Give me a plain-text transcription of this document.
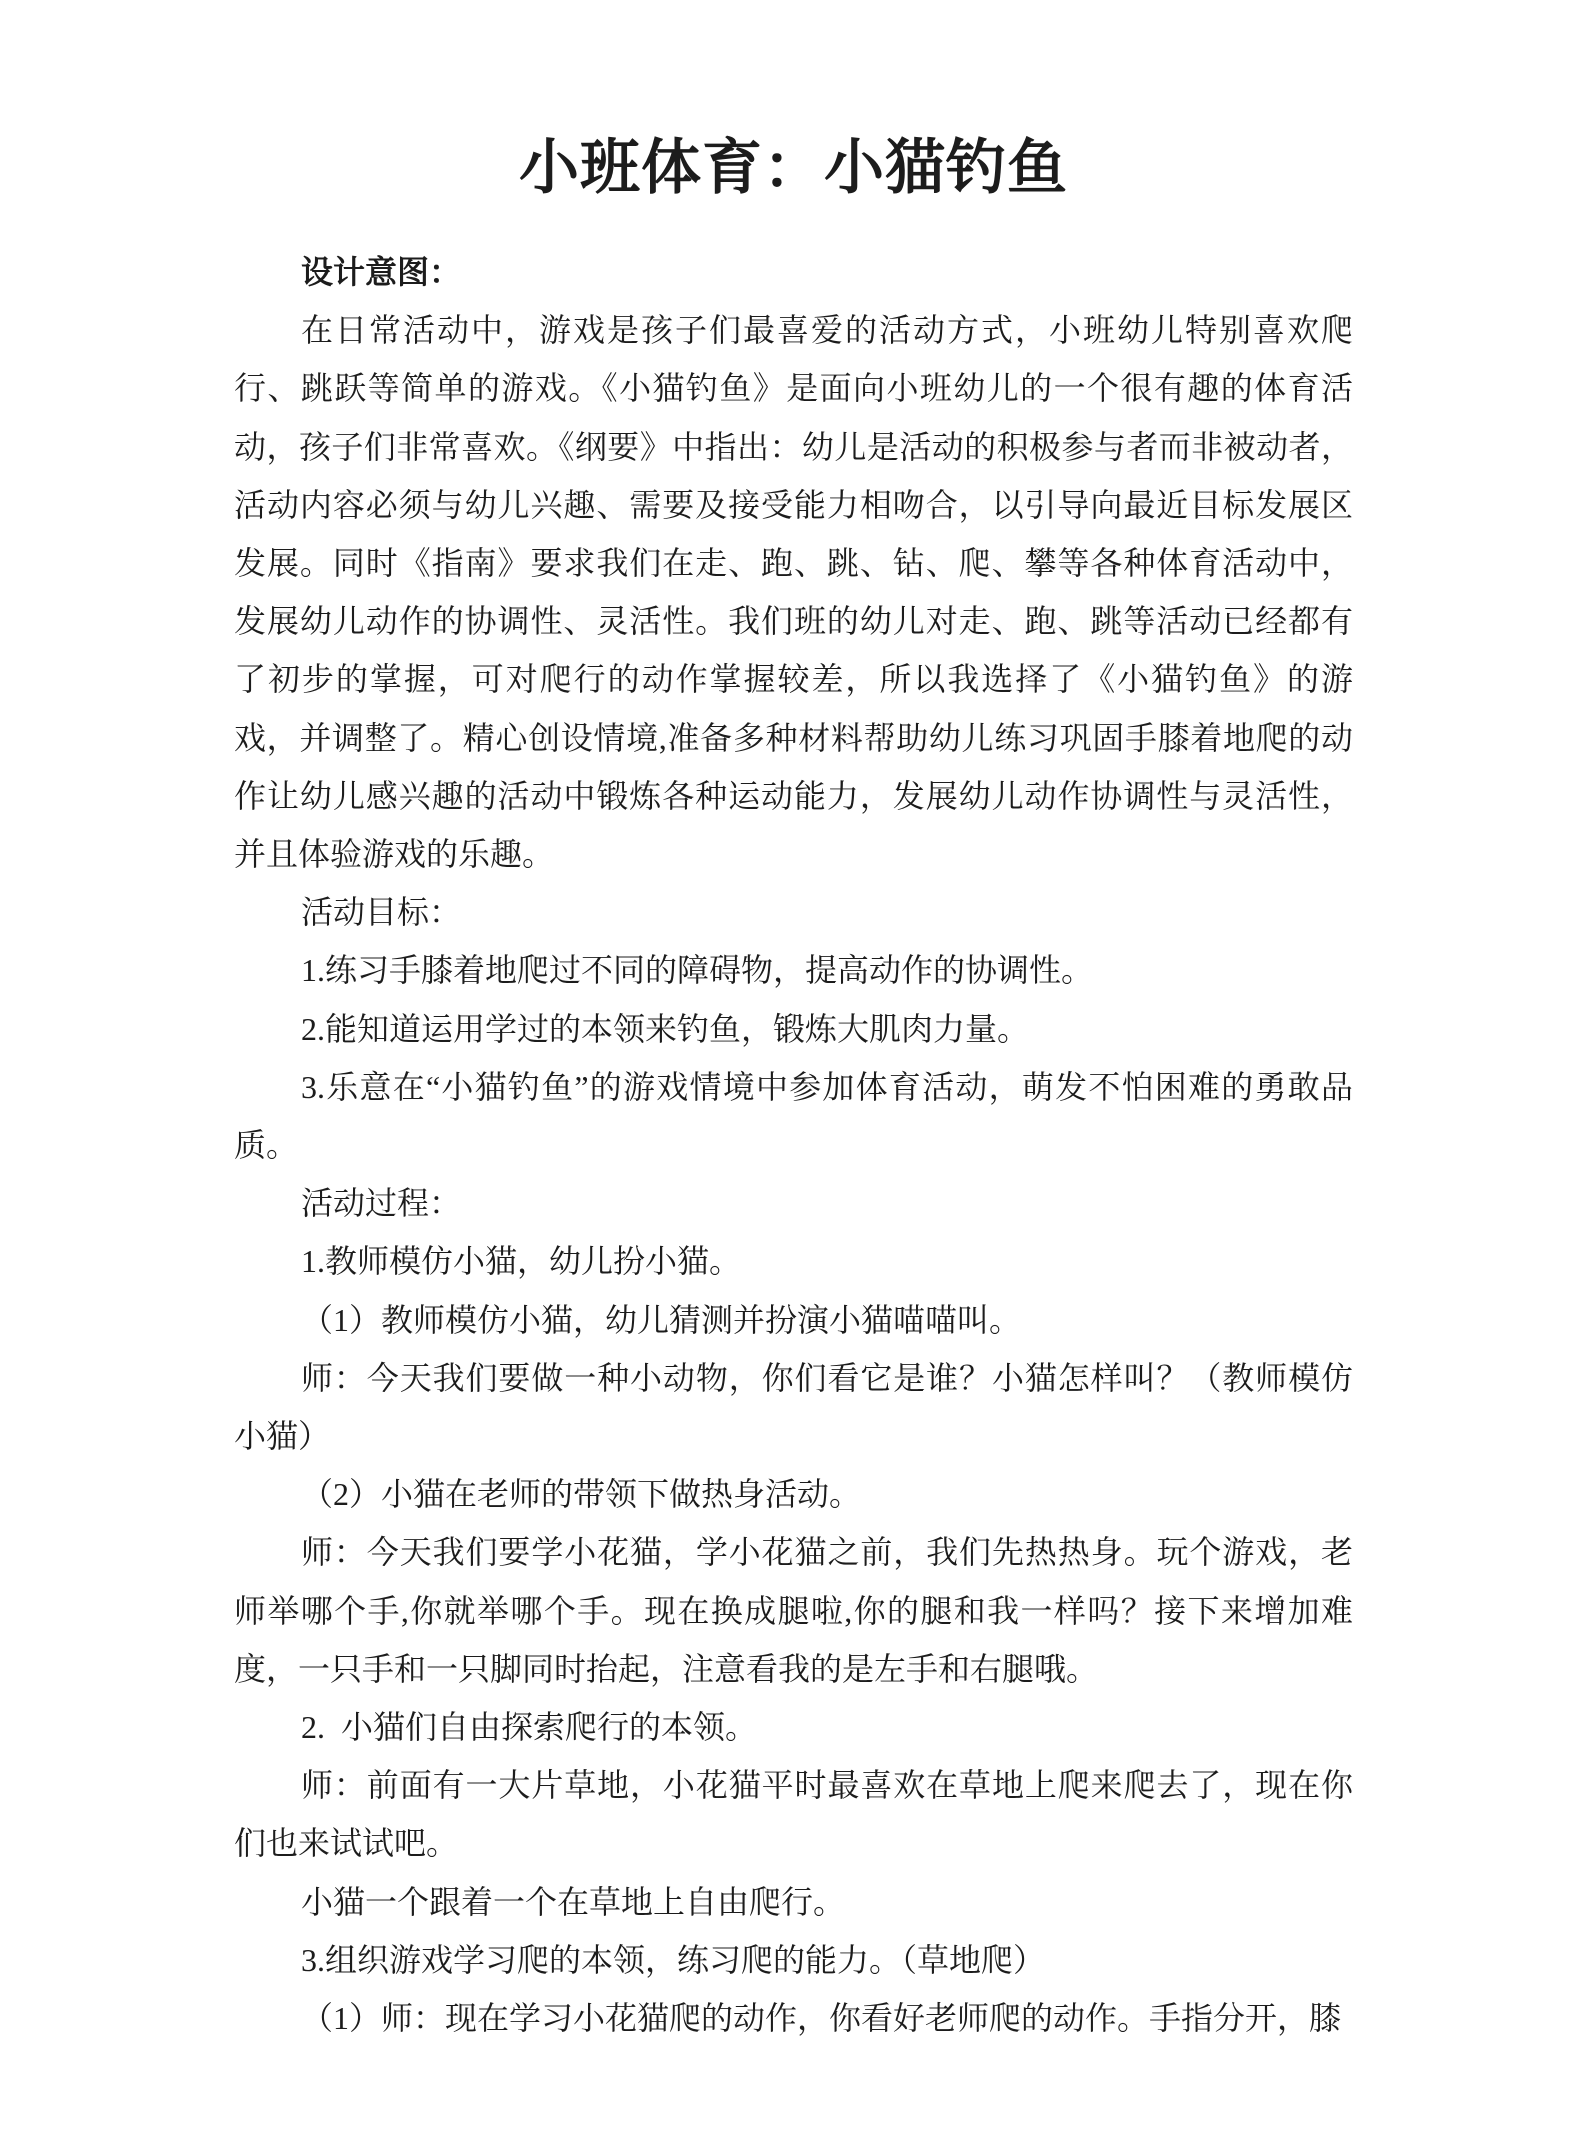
小班体育：小猫钓鱼

设计意图：

在日常活动中，游戏是孩子们最喜爱的活动方式，小班幼儿特别喜欢爬行、跳跃等简单的游戏。《小猫钓鱼》是面向小班幼儿的一个很有趣的体育活动，孩子们非常喜欢。《纲要》中指出：幼儿是活动的积极参与者而非被动者，活动内容必须与幼儿兴趣、需要及接受能力相吻合，以引导向最近目标发展区发展。同时《指南》要求我们在走、跑、跳、钻、爬、攀等各种体育活动中，发展幼儿动作的协调性、灵活性。我们班的幼儿对走、跑、跳等活动已经都有了初步的掌握，可对爬行的动作掌握较差，所以我选择了《小猫钓鱼》的游戏，并调整了。精心创设情境,准备多种材料帮助幼儿练习巩固手膝着地爬的动作让幼儿感兴趣的活动中锻炼各种运动能力，发展幼儿动作协调性与灵活性，并且体验游戏的乐趣。

活动目标：

1.练习手膝着地爬过不同的障碍物，提高动作的协调性。

2.能知道运用学过的本领来钓鱼，锻炼大肌肉力量。

3.乐意在“小猫钓鱼”的游戏情境中参加体育活动，萌发不怕困难的勇敢品质。

活动过程：

1.教师模仿小猫，幼儿扮小猫。

（1）教师模仿小猫，幼儿猜测并扮演小猫喵喵叫。

师：今天我们要做一种小动物，你们看它是谁？小猫怎样叫？（教师模仿小猫）

（2）小猫在老师的带领下做热身活动。

师：今天我们要学小花猫，学小花猫之前，我们先热热身。玩个游戏，老师举哪个手,你就举哪个手。现在换成腿啦,你的腿和我一样吗？接下来增加难度，一只手和一只脚同时抬起，注意看我的是左手和右腿哦。

2.  小猫们自由探索爬行的本领。

师：前面有一大片草地，小花猫平时最喜欢在草地上爬来爬去了，现在你们也来试试吧。

小猫一个跟着一个在草地上自由爬行。

3.组织游戏学习爬的本领，练习爬的能力。（草地爬）

（1）师：现在学习小花猫爬的动作，你看好老师爬的动作。手指分开，膝
